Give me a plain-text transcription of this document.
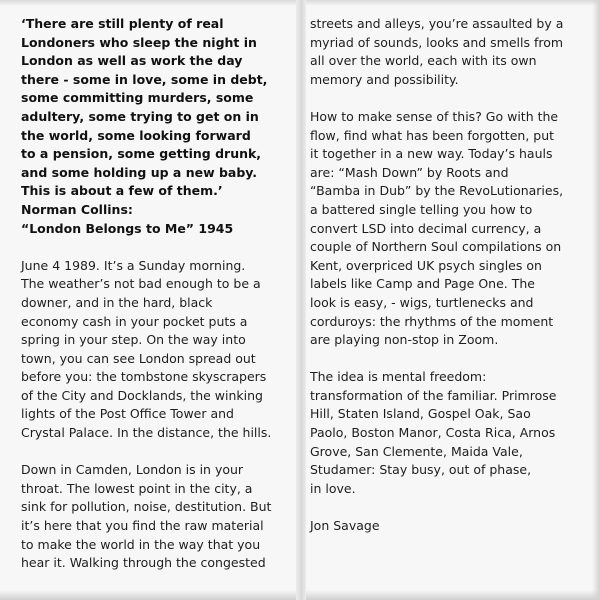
‘There are still plenty of real
Londoners who sleep the night in
London as well as work the day
there - some in love, some in debt,
some committing murders, some
adultery, some trying to get on in
the world, some looking forward
to a pension, some getting drunk,
and some holding up a new baby.
This is about a few of them.’
Norman Collins:
“London Belongs to Me” 1945
June 4 1989. It’s a Sunday morning.
The weather’s not bad enough to be a
downer, and in the hard, black
economy cash in your pocket puts a
spring in your step. On the way into
town, you can see London spread out
before you: the tombstone skyscrapers
of the City and Docklands, the winking
lights of the Post Office Tower and
Crystal Palace. In the distance, the hills.
Down in Camden, London is in your
throat. The lowest point in the city, a
sink for pollution, noise, destitution. But
it’s here that you find the raw material
to make the world in the way that you
hear it. Walking through the congested
streets and alleys, you’re assaulted by a
myriad of sounds, looks and smells from
all over the world, each with its own
memory and possibility.
How to make sense of this? Go with the
flow, find what has been forgotten, put
it together in a new way. Today’s hauls
are: “Mash Down” by Roots and
“Bamba in Dub” by the RevoLutionaries,
a battered single telling you how to
convert LSD into decimal currency, a
couple of Northern Soul compilations on
Kent, overpriced UK psych singles on
labels like Camp and Page One. The
look is easy, - wigs, turtlenecks and
corduroys: the rhythms of the moment
are playing non-stop in Zoom.
The idea is mental freedom:
transformation of the familiar. Primrose
Hill, Staten Island, Gospel Oak, Sao
Paolo, Boston Manor, Costa Rica, Arnos
Grove, San Clemente, Maida Vale,
Studamer: Stay busy, out of phase,
in love.
Jon Savage
